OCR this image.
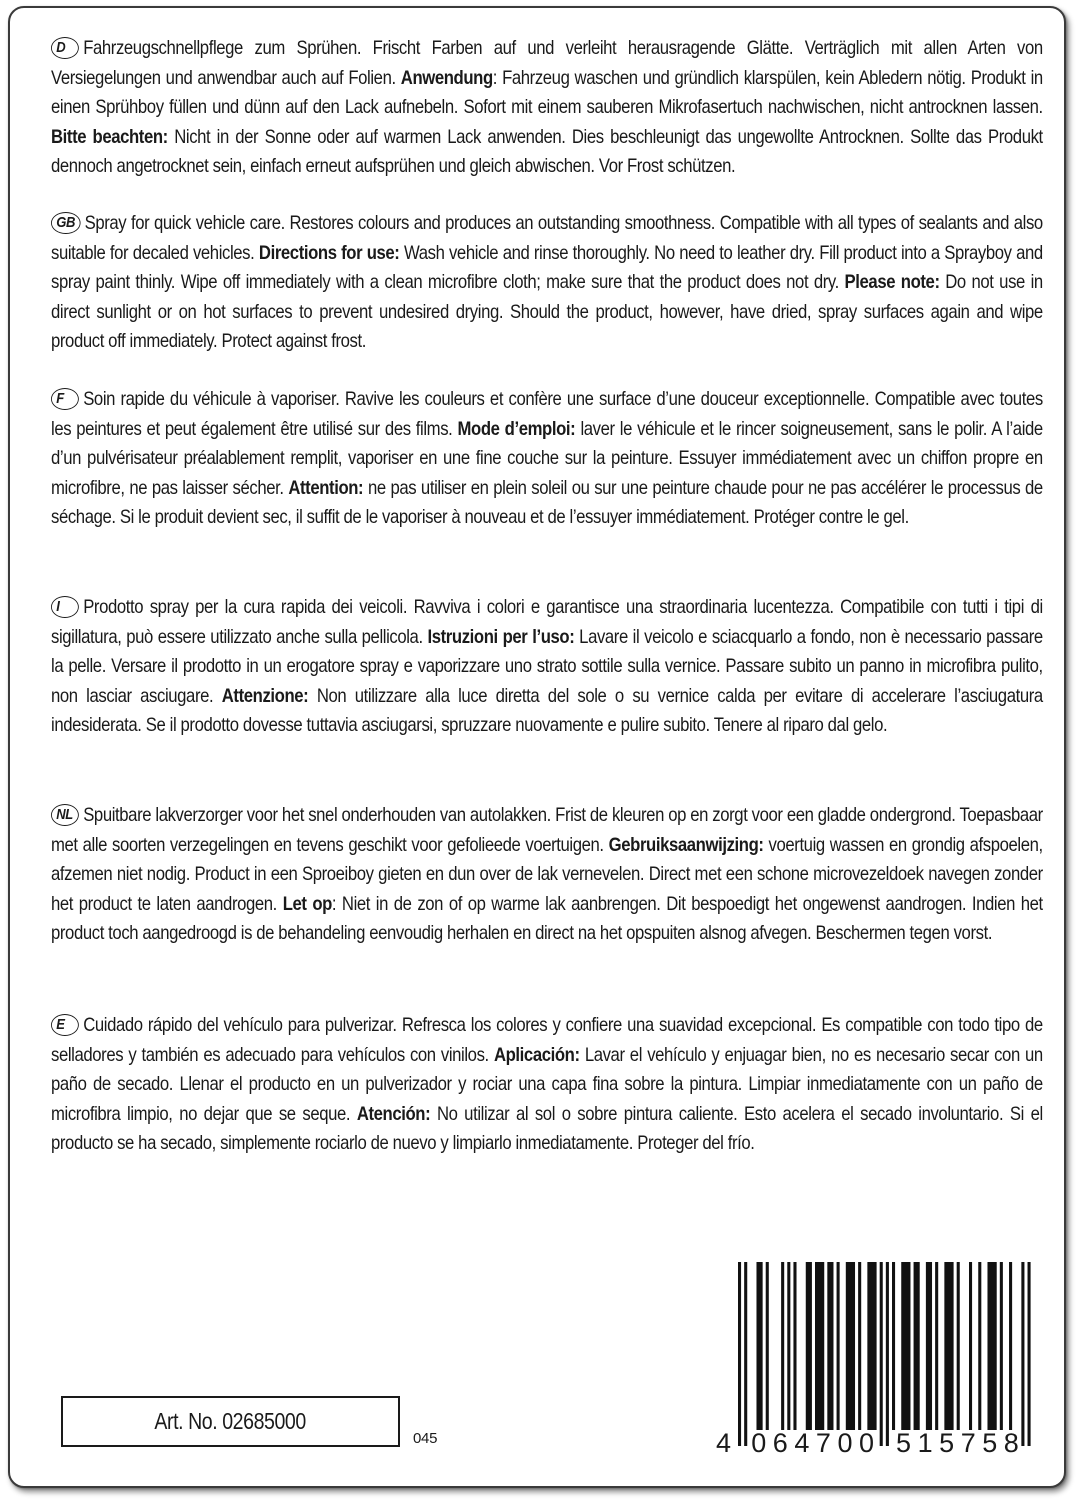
D Fahrzeugschnellpflege zum Sprühen. Frischt Farben auf und verleiht herausragende Glätte. Verträglich mit allen Arten von Versiegelungen und anwendbar auch auf Folien. Anwendung: Fahrzeug waschen und gründlich klarspülen, kein Abledern nötig. Produkt in einen Sprühboy füllen und dünn auf den Lack aufnebeln. Sofort mit einem sauberen Mikrofasertuch nachwischen, nicht antrocknen lassen. Bitte beachten: Nicht in der Sonne oder auf warmen Lack anwenden. Dies beschleunigt das ungewollte Antrocknen. Sollte das Produkt dennoch angetrocknet sein, einfach erneut aufsprühen und gleich abwischen. Vor Frost schützen.
GB Spray for quick vehicle care. Restores colours and produces an outstanding smoothness. Compatible with all types of sealants and also suitable for decaled vehicles. Directions for use: Wash vehicle and rinse thoroughly. No need to leather dry. Fill product into a Sprayboy and spray paint thinly. Wipe off immediately with a clean microfibre cloth; make sure that the product does not dry. Please note: Do not use in direct sunlight or on hot surfaces to prevent undesired drying. Should the product, however, have dried, spray surfaces again and wipe product off immediately. Protect against frost.
F Soin rapide du véhicule à vaporiser. Ravive les couleurs et confère une surface d’une douceur exceptionnelle. Compatible avec toutes les peintures et peut également être utilisé sur des films. Mode d’emploi: laver le véhicule et le rincer soigneusement, sans le polir. A l’aide d’un pulvérisateur préalablement remplit, vaporiser en une fine couche sur la peinture. Essuyer immédiatement avec un chiffon propre en microfibre, ne pas laisser sécher. Attention: ne pas utiliser en plein soleil ou sur une peinture chaude pour ne pas accélérer le processus de séchage. Si le produit devient sec, il suffit de le vaporiser à nouveau et de l’essuyer immédiatement. Protéger contre le gel.
I Prodotto spray per la cura rapida dei veicoli. Ravviva i colori e garantisce una straordinaria lucentezza. Compatibile con tutti i tipi di sigillatura, può essere utilizzato anche sulla pellicola. Istruzioni per l’uso: Lavare il veicolo e sciacquarlo a fondo, non è necessario passare la pelle. Versare il prodotto in un erogatore spray e vaporizzare uno strato sottile sulla vernice. Passare subito un panno in microfibra pulito, non lasciar asciugare. Attenzione: Non utilizzare alla luce diretta del sole o su vernice calda per evitare di accelerare l’asciugatura indesiderata. Se il prodotto dovesse tuttavia asciugarsi, spruzzare nuovamente e pulire subito. Tenere al riparo dal gelo.
NL Spuitbare lakverzorger voor het snel onderhouden van autolakken. Frist de kleuren op en zorgt voor een gladde ondergrond. Toepasbaar met alle soorten verzegelingen en tevens geschikt voor gefolieede voertuigen. Gebruiksaanwijzing: voertuig wassen en grondig afspoelen, afzemen niet nodig. Product in een Sproeiboy gieten en dun over de lak vernevelen. Direct met een schone microvezeldoek navegen zonder het product te laten aandrogen. Let op: Niet in de zon of op warme lak aanbrengen. Dit bespoedigt het ongewenst aandrogen. Indien het product toch aangedroogd is de behandeling eenvoudig herhalen en direct na het opspuiten alsnog afvegen. Beschermen tegen vorst.
E Cuidado rápido del vehículo para pulverizar. Refresca los colores y confiere una suavidad excepcional. Es compatible con todo tipo de selladores y también es adecuado para vehículos con vinilos. Aplicación: Lavar el vehículo y enjuagar bien, no es necesario secar con un paño de secado. Llenar el producto en un pulverizador y rociar una capa fina sobre la pintura. Limpiar inmediatamente con un paño de microfibra limpio, no dejar que se seque. Atención: No utilizar al sol o sobre pintura caliente. Esto acelera el secado involuntario. Si el producto se ha secado, simplemente rociarlo de nuevo y limpiarlo inmediatamente. Proteger del frío.
Art. No. 02685000
045	4 0 6 4 7 0 0 5 1 5 7 5 8
